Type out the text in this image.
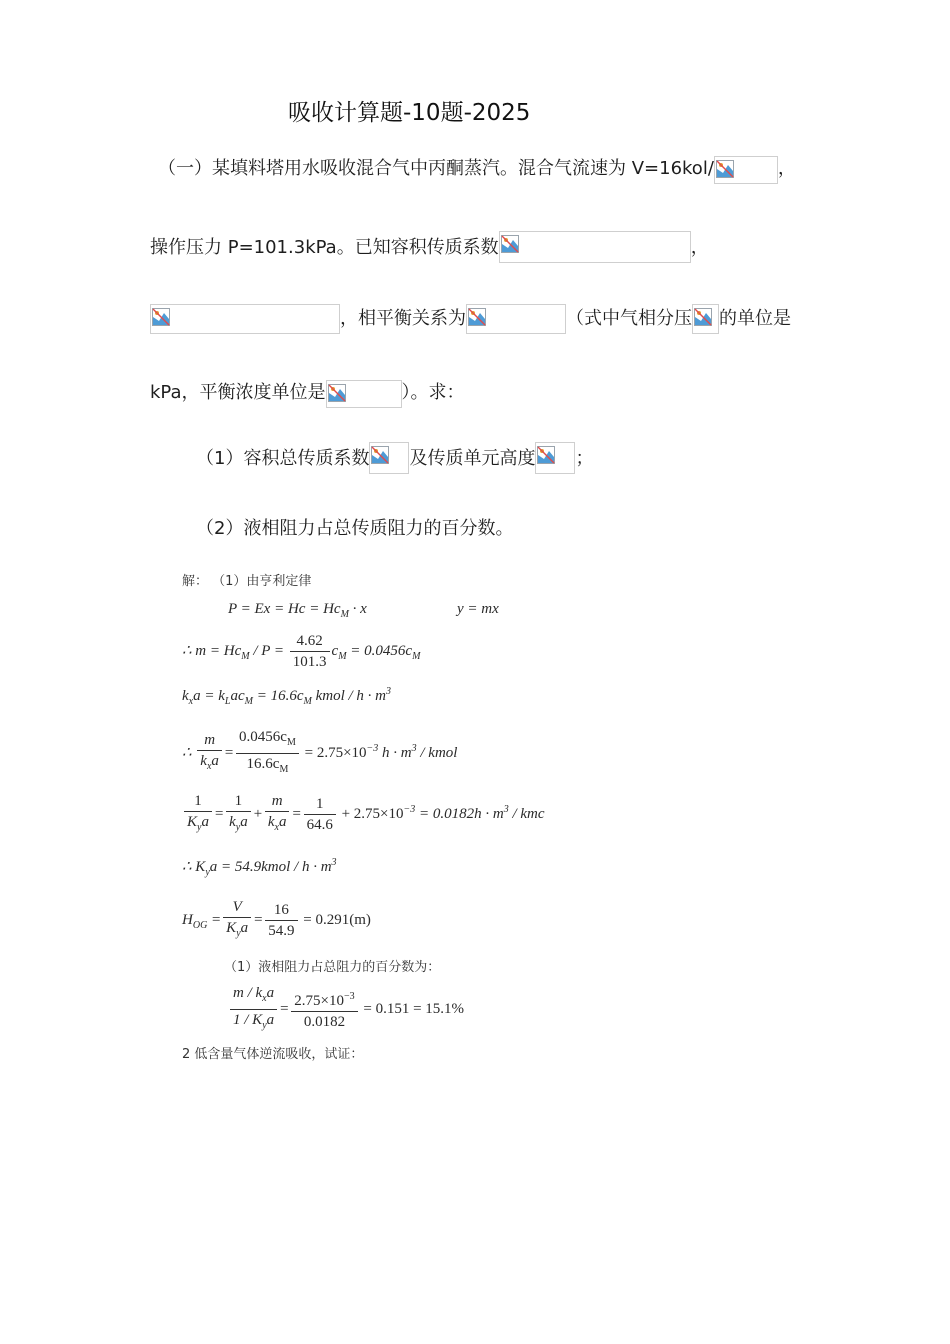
吸收计算题-10题-2025
（一）某填料塔用水吸收混合气中丙酮蒸汽。混合气流速为 V=16kol/	，
操作压力 P=101.3kPa。已知容积传质系数	，
，相平衡关系为	（式中气相分压 的单位是
kPa，平衡浓度单位是	）。求：
（1）容积总传质系数 及传质单元高度 ；
（2）液相阻力占总传质阻力的百分数。
解： （1）由亨利定律
$P = Ex = Hc = Hc_M \cdot x$	y = mx
∴ $m = Hc_M / P = \frac{4.62}{101.3} c_M = 0.0456c_M$
$k_xa = k_Lac_M = 16.6c_M$ kmol / $h \cdot m^3$
∴ $\frac{m}{k_xa} = \frac{0.0456c_M}{16.6c_M} = 2.75\times 10^{-3}$ $h \cdot m^3$ / kmol
$\frac{1}{K_ya} = \frac{1}{k_ya} + \frac{m}{k_xa} = \frac{1}{64.6} + 2.75\times 10^{-3} = 0.0182h \cdot m^3$ / kmc
∴ $K_ya$ = 54.9kmol / $h \cdot m^3$
$H_{OG} = \frac{V}{K_ya} = \frac{16}{54.9} = 0.291(m)$
（1）液相阻力占总阻力的百分数为：
$\frac{m / k_xa}{1 / K_ya} = \frac{2.75\times 10^{-3}}{0.0182} = 0.151 = 15.1\%$
2 低含量气体逆流吸收，试证：
